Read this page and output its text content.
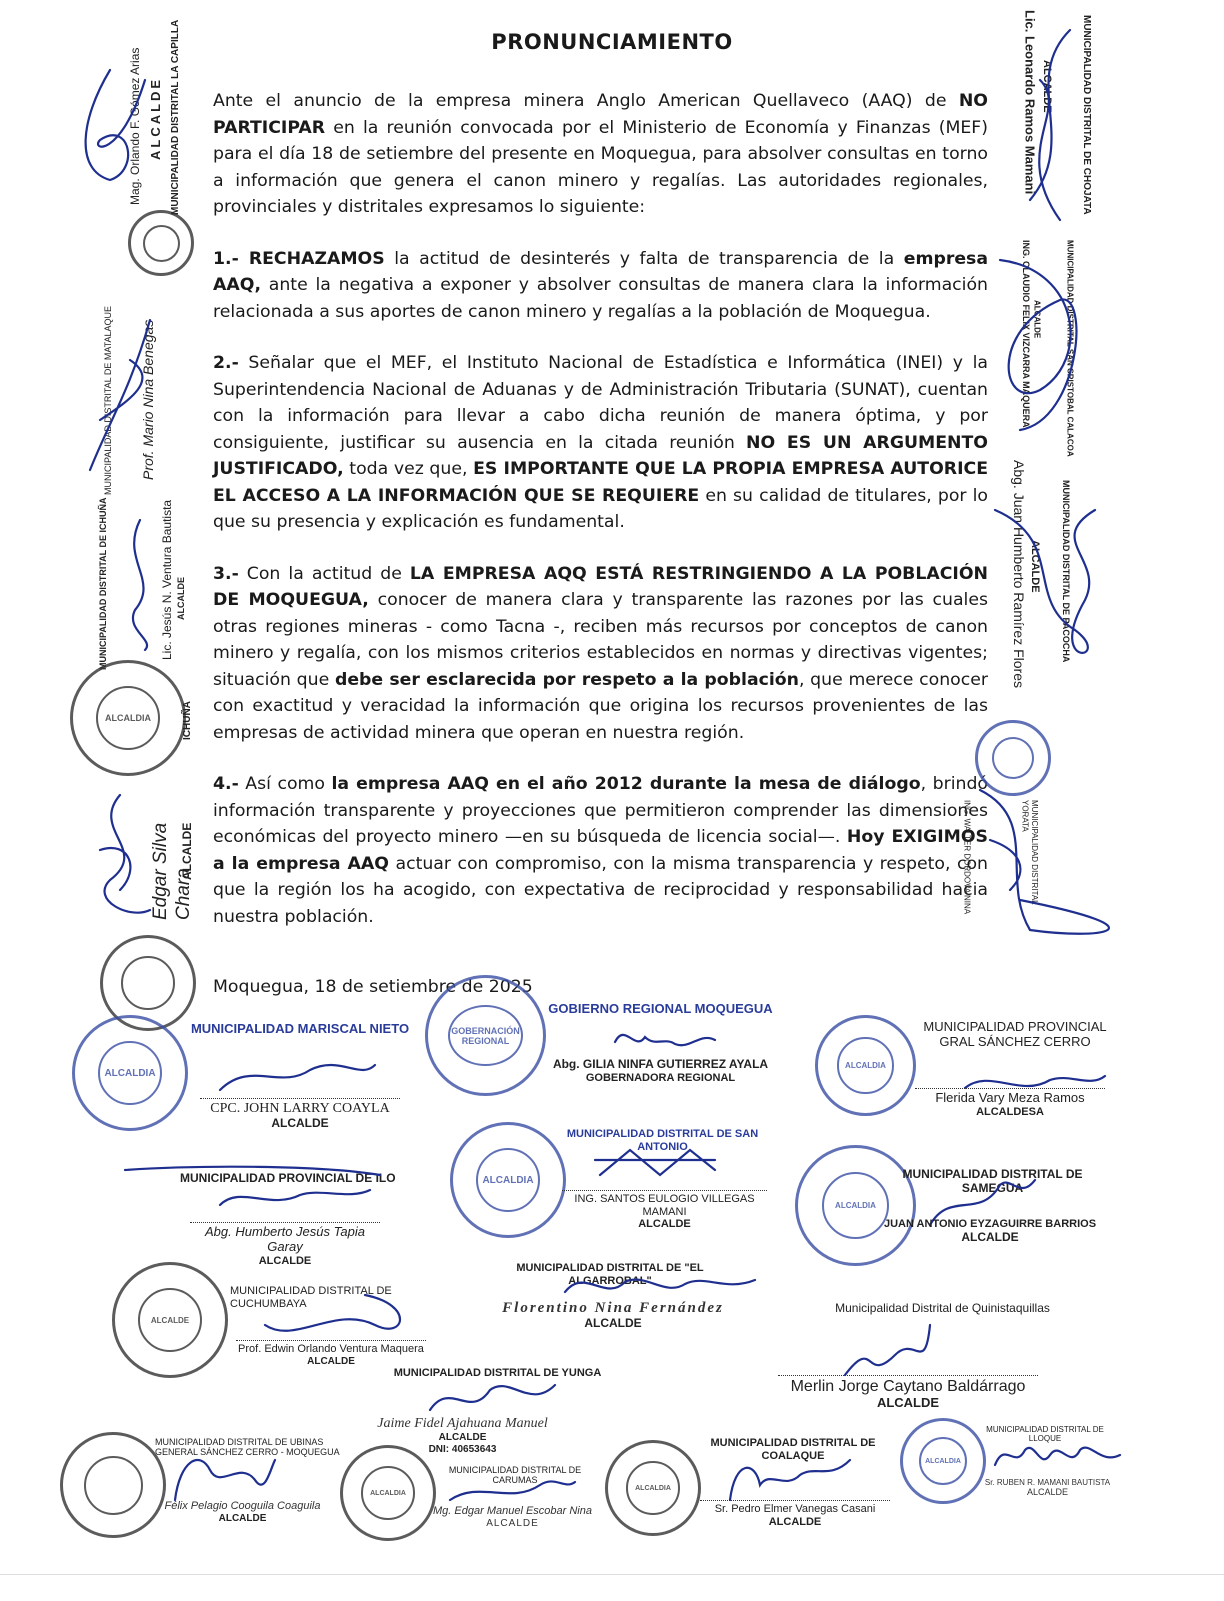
PRONUNCIAMIENTO

Ante el anuncio de la empresa minera Anglo American Quellaveco (AAQ) de NO PARTICIPAR en la reunión convocada por el Ministerio de Economía y Finanzas (MEF) para el día 18 de setiembre del presente en Moquegua, para absolver consultas en torno a información que genera el canon minero y regalías. Las autoridades regionales, provinciales y distritales expresamos lo siguiente:

1.- RECHAZAMOS la actitud de desinterés y falta de transparencia de la empresa AAQ, ante la negativa a exponer y absolver consultas de manera clara la información relacionada a sus aportes de canon minero y regalías a la población de Moquegua.

2.- Señalar que el MEF, el Instituto Nacional de Estadística e Informática (INEI) y la Superintendencia Nacional de Aduanas y de Administración Tributaria (SUNAT), cuentan con la información para llevar a cabo dicha reunión de manera óptima, y por consiguiente, justificar su ausencia en la citada reunión NO ES UN ARGUMENTO JUSTIFICADO, toda vez que, ES IMPORTANTE QUE LA PROPIA EMPRESA AUTORICE EL ACCESO A LA INFORMACIÓN QUE SE REQUIERE en su calidad de titulares, por lo que su presencia y explicación es fundamental.

3.- Con la actitud de LA EMPRESA AQQ ESTÁ RESTRINGIENDO A LA POBLACIÓN DE MOQUEGUA, conocer de manera clara y transparente las razones por las cuales otras regiones mineras - como Tacna -, reciben más recursos por conceptos de canon minero y regalía, con los mismos criterios establecidos en normas y directivas vigentes; situación que debe ser esclarecida por respeto a la población, que merece conocer con exactitud y veracidad la información que origina los recursos provenientes de las empresas de actividad minera que operan en nuestra región.

4.- Así como la empresa AAQ en el año 2012 durante la mesa de diálogo, brindó información transparente y proyecciones que permitieron comprender las dimensiones económicas del proyecto minero —en su búsqueda de licencia social—. Hoy EXIGIMOS a la empresa AAQ actuar con compromiso, con la misma transparencia y respeto, con que la región los ha acogido, con expectativa de reciprocidad y responsabilidad hacia nuestra población.

Moquegua, 18 de setiembre de 2025
Mag. Orlando F. Gómez Arias ALCALDE MUNICIPALIDAD DISTRITAL LA CAPILLA
MUNICIPALIDAD DISTRITAL DE MATALAQUE Prof. Mario Nina Benegas
MUNICIPALIDAD DISTRITAL DE ICHUÑA	Lic. Jesús N. Ventura Bautista ALCALDE
ALCALDIA	ICHUÑA
Edgar Silva Chara
ALCALDE
MUNICIPALIDAD DISTRITAL DE CHOJATA
Lic. Leonardo Ramos Mamani ALCALDE
MUNICIPALIDAD DISTRITAL SAN CRISTOBAL CALACOA
ING. CLAUDIO FELIX VIZCARRA MAQUERA ALCALDE
MUNICIPALIDAD DISTRITAL DE PACOCHA
Abg. Juan Humberto Ramírez Flores ALCALDE
MUNICIPALIDAD DISTRITAL YORATA
ING. WALTER DORDOVA NINA
ALCALDIA
MUNICIPALIDAD MARISCAL NIETO
CPC. JOHN LARRY COAYLA
ALCALDE
GOBERNACIÓN REGIONAL
GOBIERNO REGIONAL MOQUEGUA
Abg. GILIA NINFA GUTIERREZ AYALA
GOBERNADORA REGIONAL
ALCALDIA
MUNICIPALIDAD PROVINCIAL GRAL SÁNCHEZ CERRO
Flerida Vary Meza Ramos
ALCALDESA
MUNICIPALIDAD PROVINCIAL DE ILO
Abg. Humberto Jesús Tapia Garay
ALCALDE
ALCALDIA
MUNICIPALIDAD DISTRITAL DE SAN ANTONIO
ING. SANTOS EULOGIO VILLEGAS MAMANI
ALCALDE
ALCALDIA
MUNICIPALIDAD DISTRITAL DE SAMEGUA
JUAN ANTONIO EYZAGUIRRE BARRIOS
ALCALDE
ALCALDE
MUNICIPALIDAD DISTRITAL DE CUCHUMBAYA
Prof. Edwin Orlando Ventura Maquera
ALCALDE
MUNICIPALIDAD DISTRITAL DE "EL ALGARROBAL"
Florentino Nina Fernández
ALCALDE
Municipalidad Distrital de Quinistaquillas
Merlin Jorge Caytano Baldárrago
ALCALDE
MUNICIPALIDAD DISTRITAL DE YUNGA
Jaime Fidel Ajahuana Manuel
ALCALDE
DNI: 40653643
MUNICIPALIDAD DISTRITAL DE UBINAS GENERAL SÁNCHEZ CERRO - MOQUEGUA
Félix Pelagio Cooguila Coaguila
ALCALDE
ALCALDIA
MUNICIPALIDAD DISTRITAL DE CARUMAS
Mg. Edgar Manuel Escobar Nina
ALCALDE
ALCALDIA
MUNICIPALIDAD DISTRITAL DE COALAQUE
Sr. Pedro Elmer Vanegas Casani
ALCALDE
ALCALDIA
MUNICIPALIDAD DISTRITAL DE LLOQUE
Sr. RUBEN R. MAMANI BAUTISTA
ALCALDE
